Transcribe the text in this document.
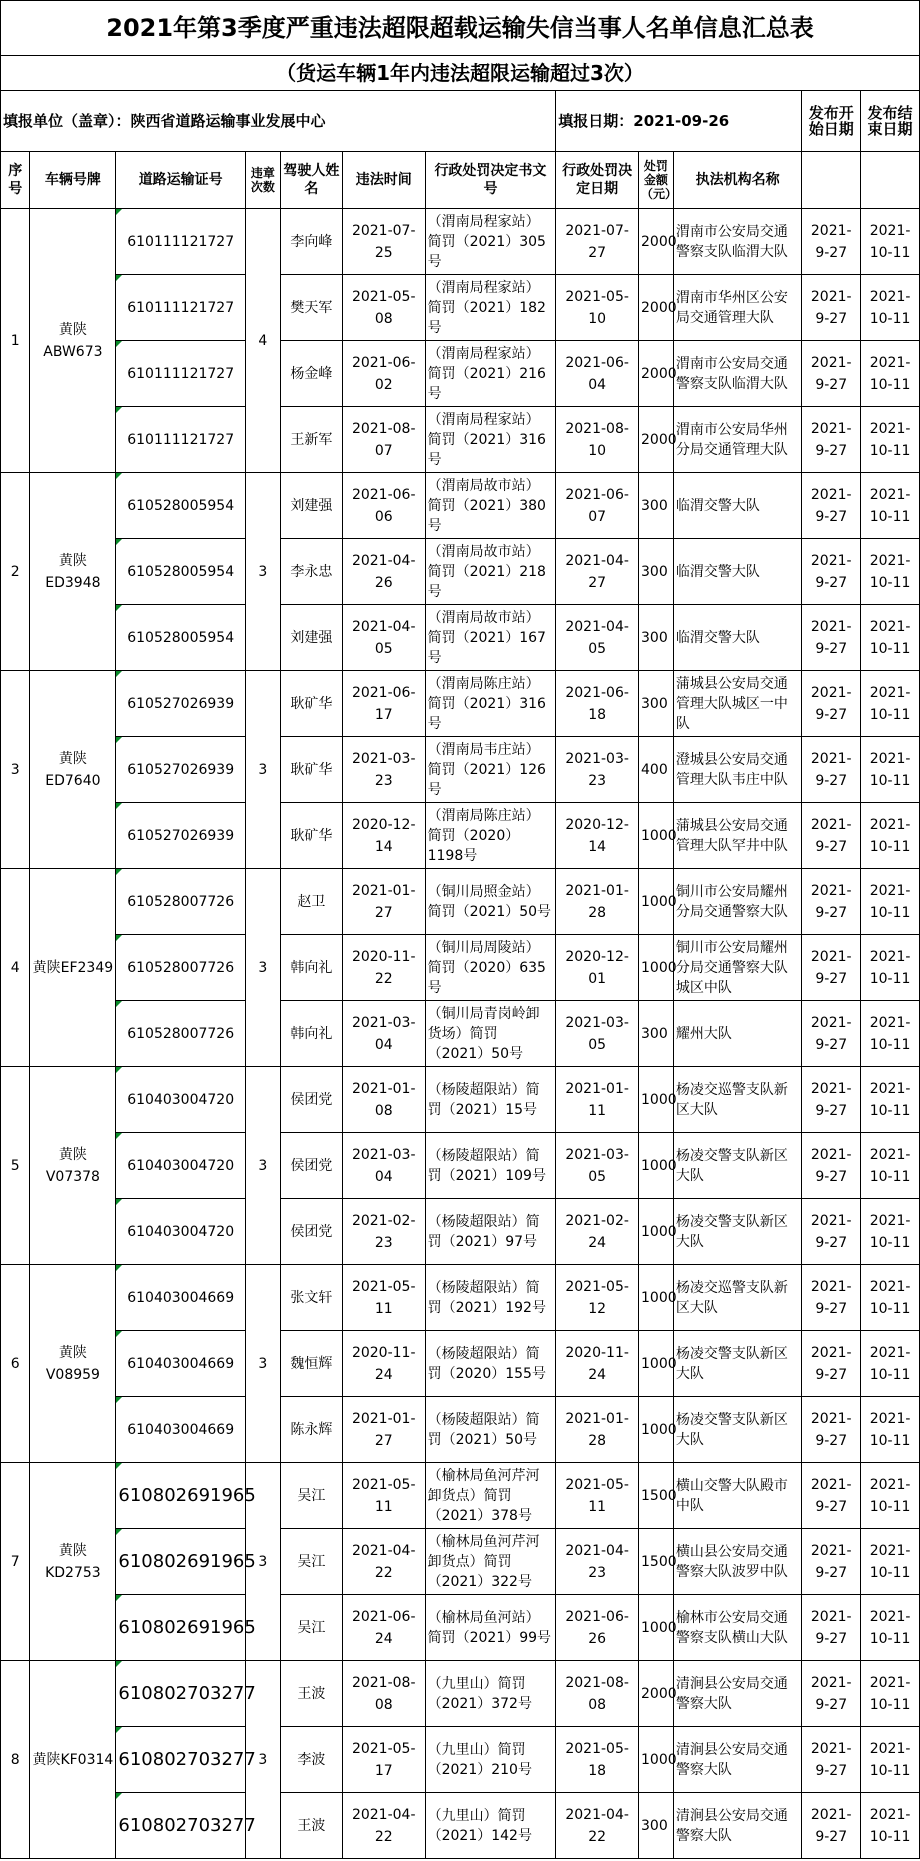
2021年第3季度严重违法超限超载运输失信当事人名单信息汇总表											
（货运车辆1年内违法超限运输超过3次）											
填报单位（盖章）：陕西省道路运输事业发展中心							填报日期：2021-09-26			发布开始日期	发布结束日期
序号	车辆号牌	道路运输证号	违章次数	驾驶人姓名	违法时间	行政处罚决定书文号	行政处罚决定日期	处罚金额（元）	执法机构名称		
1	黄陕ABW673	610111121727	4	李向峰	2021-07-25	（渭南局程家站）简罚（2021）305号	2021-07-27	2000	渭南市公安局交通警察支队临渭大队	2021-9-27	2021-10-11
		610111121727		樊天军	2021-05-08	（渭南局程家站）简罚（2021）182号	2021-05-10	2000	渭南市华州区公安局交通管理大队	2021-9-27	2021-10-11
		610111121727		杨金峰	2021-06-02	（渭南局程家站）简罚（2021）216号	2021-06-04	2000	渭南市公安局交通警察支队临渭大队	2021-9-27	2021-10-11
		610111121727		王新军	2021-08-07	（渭南局程家站）简罚（2021）316号	2021-08-10	2000	渭南市公安局华州分局交通管理大队	2021-9-27	2021-10-11
2	黄陕ED3948	610528005954	3	刘建强	2021-06-06	（渭南局故市站）简罚（2021）380号	2021-06-07	300	临渭交警大队	2021-9-27	2021-10-11
		610528005954		李永忠	2021-04-26	（渭南局故市站）简罚（2021）218号	2021-04-27	300	临渭交警大队	2021-9-27	2021-10-11
		610528005954		刘建强	2021-04-05	（渭南局故市站）简罚（2021）167号	2021-04-05	300	临渭交警大队	2021-9-27	2021-10-11
3	黄陕ED7640	610527026939	3	耿矿华	2021-06-17	（渭南局陈庄站）简罚（2021）316号	2021-06-18	300	蒲城县公安局交通管理大队城区一中队	2021-9-27	2021-10-11
		610527026939		耿矿华	2021-03-23	（渭南局韦庄站）简罚（2021）126号	2021-03-23	400	澄城县公安局交通管理大队韦庄中队	2021-9-27	2021-10-11
		610527026939		耿矿华	2020-12-14	（渭南局陈庄站）简罚（2020）1198号	2020-12-14	1000	蒲城县公安局交通管理大队罕井中队	2021-9-27	2021-10-11
4	黄陕EF2349	610528007726	3	赵卫	2021-01-27	（铜川局照金站）简罚（2021）50号	2021-01-28	1000	铜川市公安局耀州分局交通警察大队	2021-9-27	2021-10-11
		610528007726		韩向礼	2020-11-22	（铜川局周陵站）简罚（2020）635号	2020-12-01	1000	铜川市公安局耀州分局交通警察大队城区中队	2021-9-27	2021-10-11
		610528007726		韩向礼	2021-03-04	（铜川局青岗岭卸货场）简罚（2021）50号	2021-03-05	300	耀州大队	2021-9-27	2021-10-11
5	黄陕V07378	610403004720	3	侯团党	2021-01-08	（杨陵超限站）简罚（2021）15号	2021-01-11	1000	杨凌交巡警支队新区大队	2021-9-27	2021-10-11
		610403004720		侯团党	2021-03-04	（杨陵超限站）简罚（2021）109号	2021-03-05	1000	杨凌交警支队新区大队	2021-9-27	2021-10-11
		610403004720		侯团党	2021-02-23	（杨陵超限站）简罚（2021）97号	2021-02-24	1000	杨凌交警支队新区大队	2021-9-27	2021-10-11
6	黄陕V08959	610403004669	3	张文轩	2021-05-11	（杨陵超限站）简罚（2021）192号	2021-05-12	1000	杨凌交巡警支队新区大队	2021-9-27	2021-10-11
		610403004669		魏恒辉	2020-11-24	（杨陵超限站）简罚（2020）155号	2020-11-24	1000	杨凌交警支队新区大队	2021-9-27	2021-10-11
		610403004669		陈永辉	2021-01-27	（杨陵超限站）简罚（2021）50号	2021-01-28	1000	杨凌交警支队新区大队	2021-9-27	2021-10-11
7	黄陕KD2753	610802691965	3	吴江	2021-05-11	（榆林局鱼河芹河卸货点）简罚（2021）378号	2021-05-11	1500	横山交警大队殿市中队	2021-9-27	2021-10-11
		610802691965		吴江	2021-04-22	（榆林局鱼河芹河卸货点）简罚（2021）322号	2021-04-23	1500	横山县公安局交通警察大队波罗中队	2021-9-27	2021-10-11
		610802691965		吴江	2021-06-24	（榆林局鱼河站）简罚（2021）99号	2021-06-26	1000	榆林市公安局交通警察支队横山大队	2021-9-27	2021-10-11
8	黄陕KF0314	610802703277	3	王波	2021-08-08	（九里山）简罚（2021）372号	2021-08-08	2000	清涧县公安局交通警察大队	2021-9-27	2021-10-11
		610802703277		李波	2021-05-17	（九里山）简罚（2021）210号	2021-05-18	1000	清涧县公安局交通警察大队	2021-9-27	2021-10-11
		610802703277		王波	2021-04-22	（九里山）简罚（2021）142号	2021-04-22	300	清涧县公安局交通警察大队	2021-9-27	2021-10-11
